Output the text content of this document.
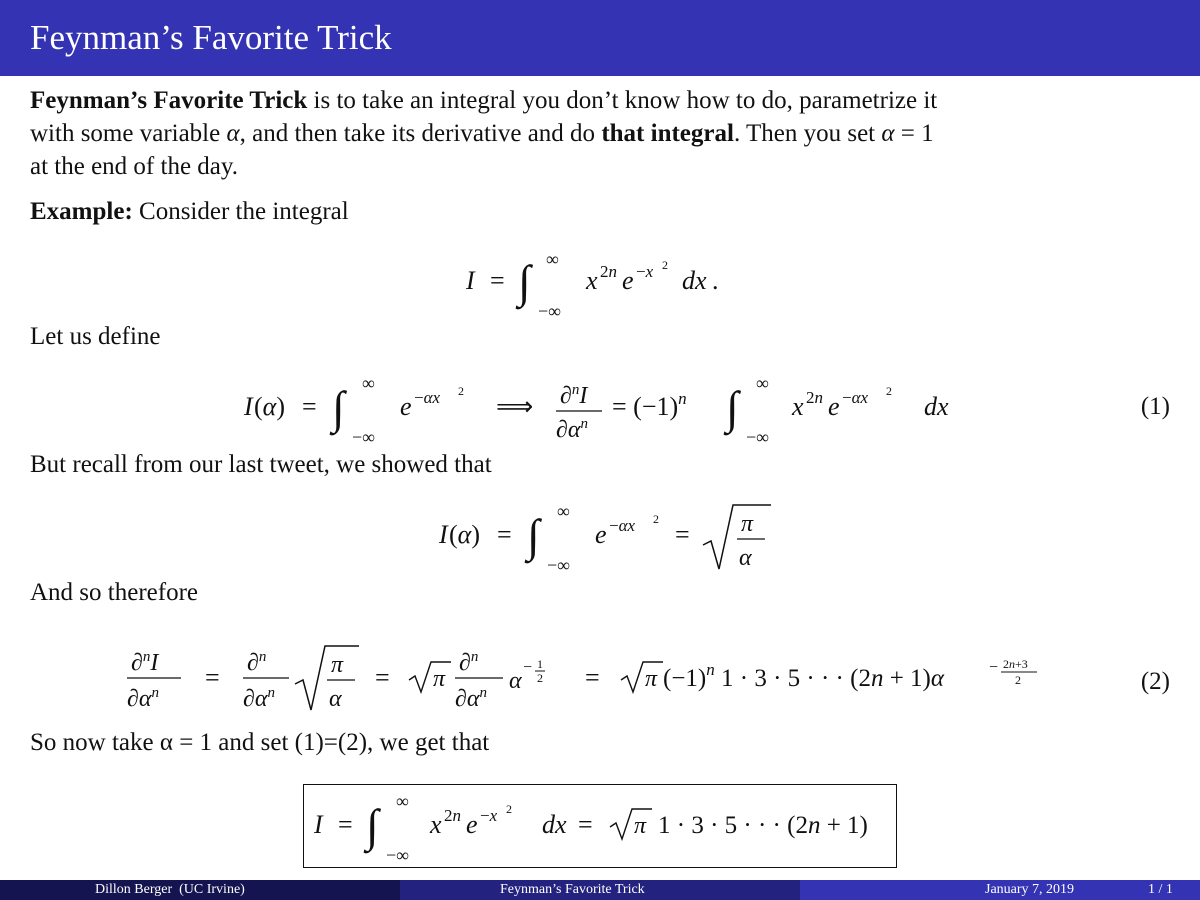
Feynman’s Favorite Trick
Feynman’s Favorite Trick is to take an integral you don’t know how to do, parametrize it
with some variable α, and then take its derivative and do that integral. Then you set α = 1
at the end of the day.
Example: Consider the integral
I = ∫ ∞
−∞
x 2n e −x 2
dx .
Let us define
I (α) = ∫ ∞
−∞
e −αx 2
⟹ ∂$^n$I
$\partial\alpha^n$
= $(-1)^n$ ∫ ∞
−∞
x 2n e −αx 2
dx	(1)
But recall from our last tweet, we showed that
I (α) = ∫ ∞
−∞
e −αx 2
= π
α
And so therefore
∂$^n$I
$\partial\alpha^n$
= ∂$^n$
$\partial\alpha^n$
π
α
= π
∂$^n$
$\partial\alpha^n$ α
− 1
2 = π $(-1)^n$ 1 · 3 · 5 · · · (2n + 1)α	− 2n+3
2	(2)
So now take α = 1 and set (1)=(2), we get that
I = ∫ ∞
−∞
x 2n e −x 2
dx = π 1 · 3 · 5 · · · (2n + 1)
Dillon Berger  (UC Irvine)	Feynman’s Favorite Trick	January 7, 2019	1 / 1
